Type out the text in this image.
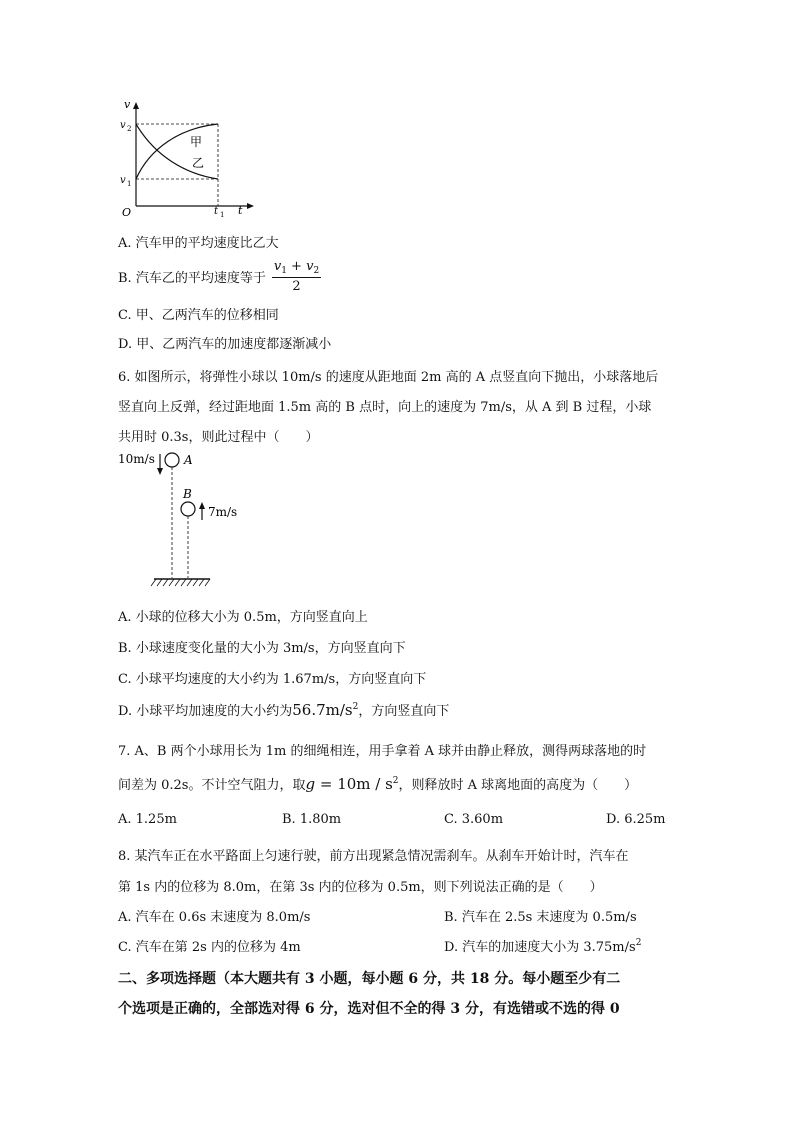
v
t
v 2
v 1
t 1
O
甲
乙
A. 汽车甲的平均速度比乙大
B. 汽车乙的平均速度等于 $\frac{v_1 + v_2}{2}$
C. 甲、乙两汽车的位移相同
D. 甲、乙两汽车的加速度都逐渐减小
6. 如图所示，将弹性小球以 10m/s 的速度从距地面 2m 高的 A 点竖直向下抛出，小球落地后
竖直向上反弹，经过距地面 1.5m 高的 B 点时，向上的速度为 7m/s，从 A 到 B 过程，小球
共用时 0.3s，则此过程中（　　）
10m/s A
B
7m/s
A. 小球的位移大小为 0.5m，方向竖直向上
B. 小球速度变化量的大小为 3m/s，方向竖直向下
C. 小球平均速度的大小约为 1.67m/s，方向竖直向下
D. 小球平均加速度的大小约为$56.7m/s^2$，方向竖直向下
7. A、B 两个小球用长为 1m 的细绳相连，用手拿着 A 球并由静止释放，测得两球落地的时
间差为 0.2s。不计空气阻力，取$g = 10m / s^2$，则释放时 A 球离地面的高度为（　　）
A. 1.25m	B. 1.80m	C. 3.60m	D. 6.25m
8. 某汽车正在水平路面上匀速行驶，前方出现紧急情况需刹车。从刹车开始计时，汽车在
第 1s 内的位移为 8.0m，在第 3s 内的位移为 0.5m，则下列说法正确的是（　　）
A. 汽车在 0.6s 末速度为 8.0m/s	B. 汽车在 2.5s 末速度为 0.5m/s
C. 汽车在第 2s 内的位移为 4m	D. 汽车的加速度大小为 $3.75m/s^2$
二、多项选择题（本大题共有 3 小题，每小题 6 分，共 18 分。每小题至少有二
个选项是正确的，全部选对得 6 分，选对但不全的得 3 分，有选错或不选的得 0
